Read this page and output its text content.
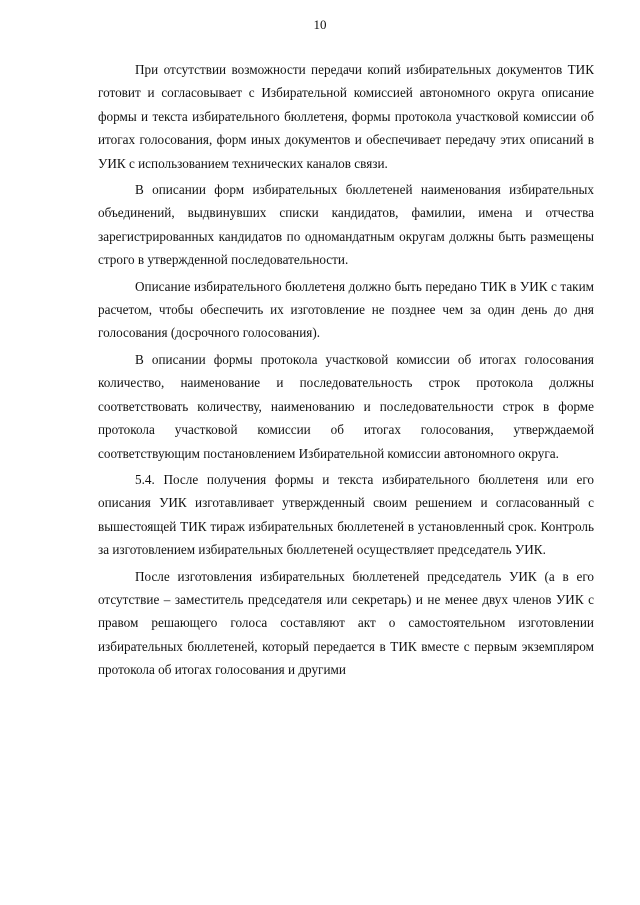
10

При отсутствии возможности передачи копий избирательных документов ТИК готовит и согласовывает с Избирательной комиссией автономного округа описание формы и текста избирательного бюллетеня, формы протокола участковой комиссии об итогах голосования, форм иных документов и обеспечивает передачу этих описаний в УИК с использованием технических каналов связи.

В описании форм избирательных бюллетеней наименования избирательных объединений, выдвинувших списки кандидатов, фамилии, имена и отчества зарегистрированных кандидатов по одномандатным округам должны быть размещены строго в утвержденной последовательности.

Описание избирательного бюллетеня должно быть передано ТИК в УИК с таким расчетом, чтобы обеспечить их изготовление не позднее чем за один день до дня голосования (досрочного голосования).

В описании формы протокола участковой комиссии об итогах голосования количество, наименование и последовательность строк протокола должны соответствовать количеству, наименованию и последовательности строк в форме протокола участковой комиссии об итогах голосования, утверждаемой соответствующим постановлением Избирательной комиссии автономного округа.

5.4. После получения формы и текста избирательного бюллетеня или его описания УИК изготавливает утвержденный своим решением и согласованный с вышестоящей ТИК тираж избирательных бюллетеней в установленный срок. Контроль за изготовлением избирательных бюллетеней осуществляет председатель УИК.

После изготовления избирательных бюллетеней председатель УИК (а в его отсутствие – заместитель председателя или секретарь) и не менее двух членов УИК с правом решающего голоса составляют акт о самостоятельном изготовлении избирательных бюллетеней, который передается в ТИК вместе с первым экземпляром протокола об итогах голосования и другими
